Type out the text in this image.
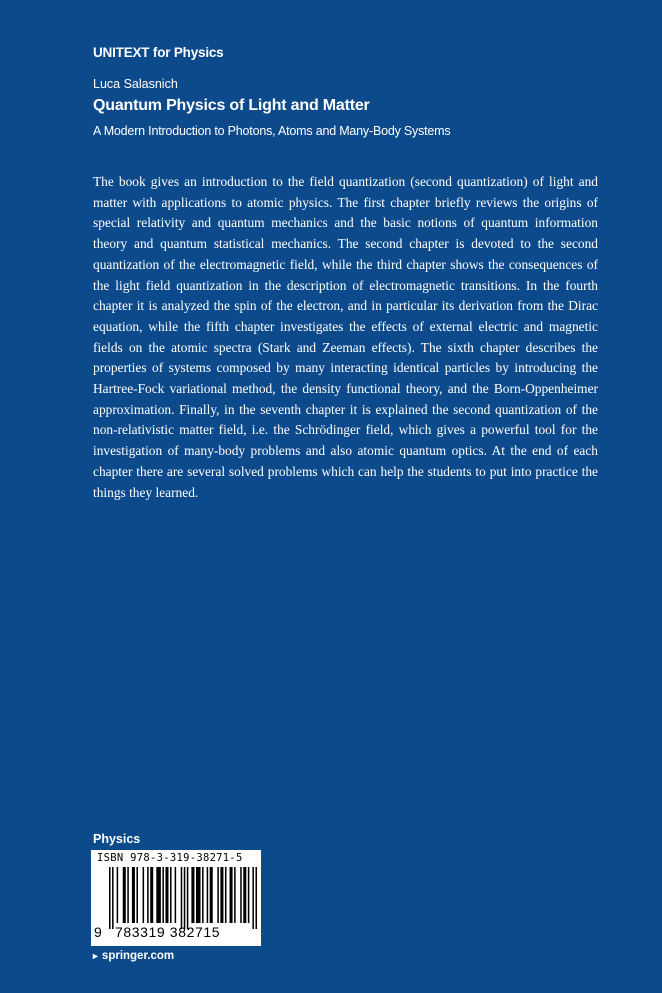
UNITEXT for Physics
Luca Salasnich
Quantum Physics of Light and Matter
A Modern Introduction to Photons, Atoms and Many-Body Systems

The book gives an introduction to the field quantization (second quantization) of light and matter with applications to atomic physics. The first chapter briefly reviews the origins of special relativity and quantum mechanics and the basic notions of quantum information theory and quantum statistical mechanics. The second chapter is devoted to the second quantization of the electromagnetic field, while the third chapter shows the consequences of the light field quantization in the description of electromagnetic transitions. In the fourth chapter it is analyzed the spin of the electron, and in particular its derivation from the Dirac equation, while the fifth chapter investigates the effects of external electric and magnetic fields on the atomic spectra (Stark and Zeeman effects). The sixth chapter describes the properties of systems composed by many interacting identical particles by introducing the Hartree-Fock variational method, the density functional theory, and the Born-Oppenheimer approximation. Finally, in the seventh chapter it is explained the second quantization of the non-relativistic matter field, i.e. the Schrödinger field, which gives a powerful tool for the investigation of many-body problems and also atomic quantum optics. At the end of each chapter there are several solved problems which can help the students to put into practice the things they learned.

Physics
ISBN 978-3-319-38271-5
9 783319 382715
► springer.com
